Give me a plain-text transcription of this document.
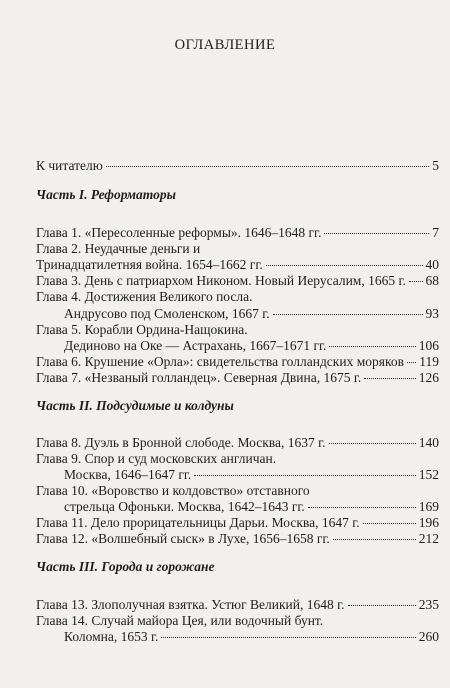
ОГЛАВЛЕНИЕ
К читателю	5
Часть I. Реформаторы
Глава 1. «Пересоленные реформы». 1646–1648 гг.	7
Глава 2. Неудачные деньги и
Тринадцатилетняя война. 1654–1662 гг.	40
Глава 3. День с патриархом Никоном. Новый Иерусалим, 1665 г. 68
Глава 4. Достижения Великого посла.
Андрусово под Смоленском, 1667 г.	93
Глава 5. Корабли Ордина-Нащокина.
Дединово на Оке — Астрахань, 1667–1671 гг.	106
Глава 6. Крушение «Орла»: свидетельства голландских моряков 119
Глава 7. «Незваный голландец». Северная Двина, 1675 г.	126
Часть II. Подсудимые и колдуны
Глава 8. Дуэль в Бронной слободе. Москва, 1637 г.	140
Глава 9. Спор и суд московских англичан.
Москва, 1646–1647 гг.	152
Глава 10. «Воровство и колдовство» отставного
стрельца Офоньки. Москва, 1642–1643 гг.	169
Глава 11. Дело прорицательницы Дарьи. Москва, 1647 г.	196
Глава 12. «Волшебный сыск» в Лухе, 1656–1658 гг.	212
Часть III. Города и горожане
Глава 13. Злополучная взятка. Устюг Великий, 1648 г.	235
Глава 14. Случай майора Цея, или водочный бунт.
Коломна, 1653 г.	260
